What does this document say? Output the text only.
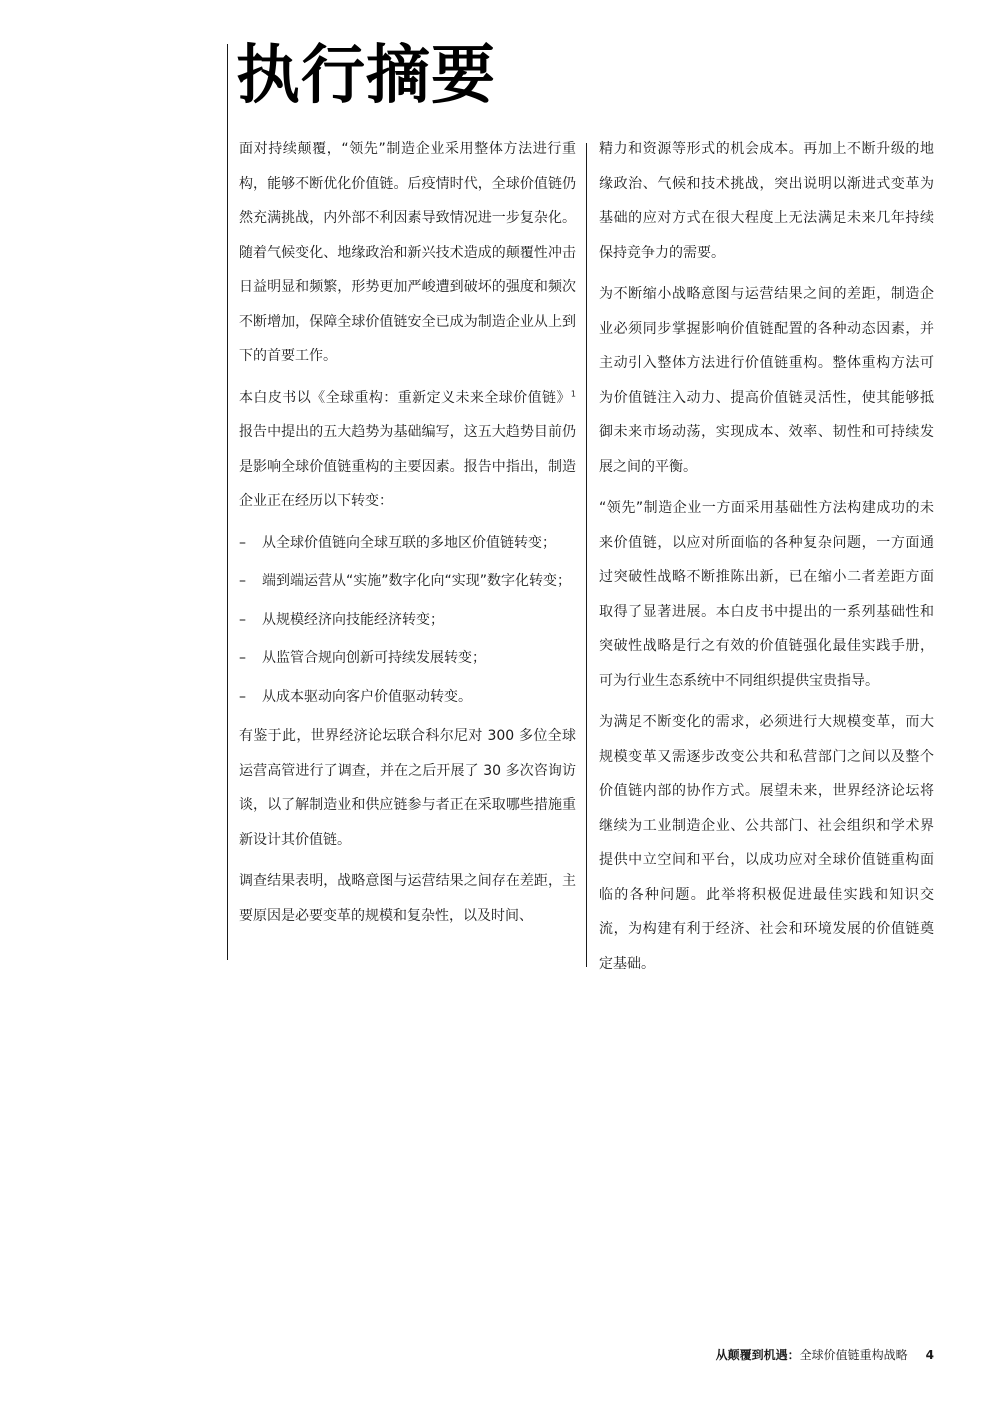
执行摘要

面对持续颠覆，“领先”制造企业采用整体方法进行重构，能够不断优化价值链。后疫情时代，全球价值链仍然充满挑战，内外部不利因素导致情况进一步复杂化。随着气候变化、地缘政治和新兴技术造成的颠覆性冲击日益明显和频繁，形势更加严峻遭到破坏的强度和频次不断增加，保障全球价值链安全已成为制造企业从上到下的首要工作。

本白皮书以《全球重构：重新定义未来全球价值链》$^1$报告中提出的五大趋势为基础编写，这五大趋势目前仍是影响全球价值链重构的主要因素。报告中指出，制造企业正在经历以下转变：

– 从全球价值链向全球互联的多地区价值链转变；
– 端到端运营从“实施”数字化向“实现”数字化转变；
– 从规模经济向技能经济转变；
– 从监管合规向创新可持续发展转变；
– 从成本驱动向客户价值驱动转变。

有鉴于此，世界经济论坛联合科尔尼对 300 多位全球运营高管进行了调查，并在之后开展了 30 多次咨询访谈，以了解制造业和供应链参与者正在采取哪些措施重新设计其价值链。

调查结果表明，战略意图与运营结果之间存在差距，主要原因是必要变革的规模和复杂性，以及时间、

精力和资源等形式的机会成本。再加上不断升级的地缘政治、气候和技术挑战，突出说明以渐进式变革为基础的应对方式在很大程度上无法满足未来几年持续保持竞争力的需要。

为不断缩小战略意图与运营结果之间的差距，制造企业必须同步掌握影响价值链配置的各种动态因素，并主动引入整体方法进行价值链重构。整体重构方法可为价值链注入动力、提高价值链灵活性，使其能够抵御未来市场动荡，实现成本、效率、韧性和可持续发展之间的平衡。

“领先”制造企业一方面采用基础性方法构建成功的未来价值链，以应对所面临的各种复杂问题，一方面通过突破性战略不断推陈出新，已在缩小二者差距方面取得了显著进展。本白皮书中提出的一系列基础性和突破性战略是行之有效的价值链强化最佳实践手册，可为行业生态系统中不同组织提供宝贵指导。

为满足不断变化的需求，必须进行大规模变革，而大规模变革又需逐步改变公共和私营部门之间以及整个价值链内部的协作方式。展望未来，世界经济论坛将继续为工业制造企业、公共部门、社会组织和学术界提供中立空间和平台，以成功应对全球价值链重构面临的各种问题。此举将积极促进最佳实践和知识交流，为构建有利于经济、社会和环境发展的价值链奠定基础。

从颠覆到机遇：全球价值链重构战略 4
